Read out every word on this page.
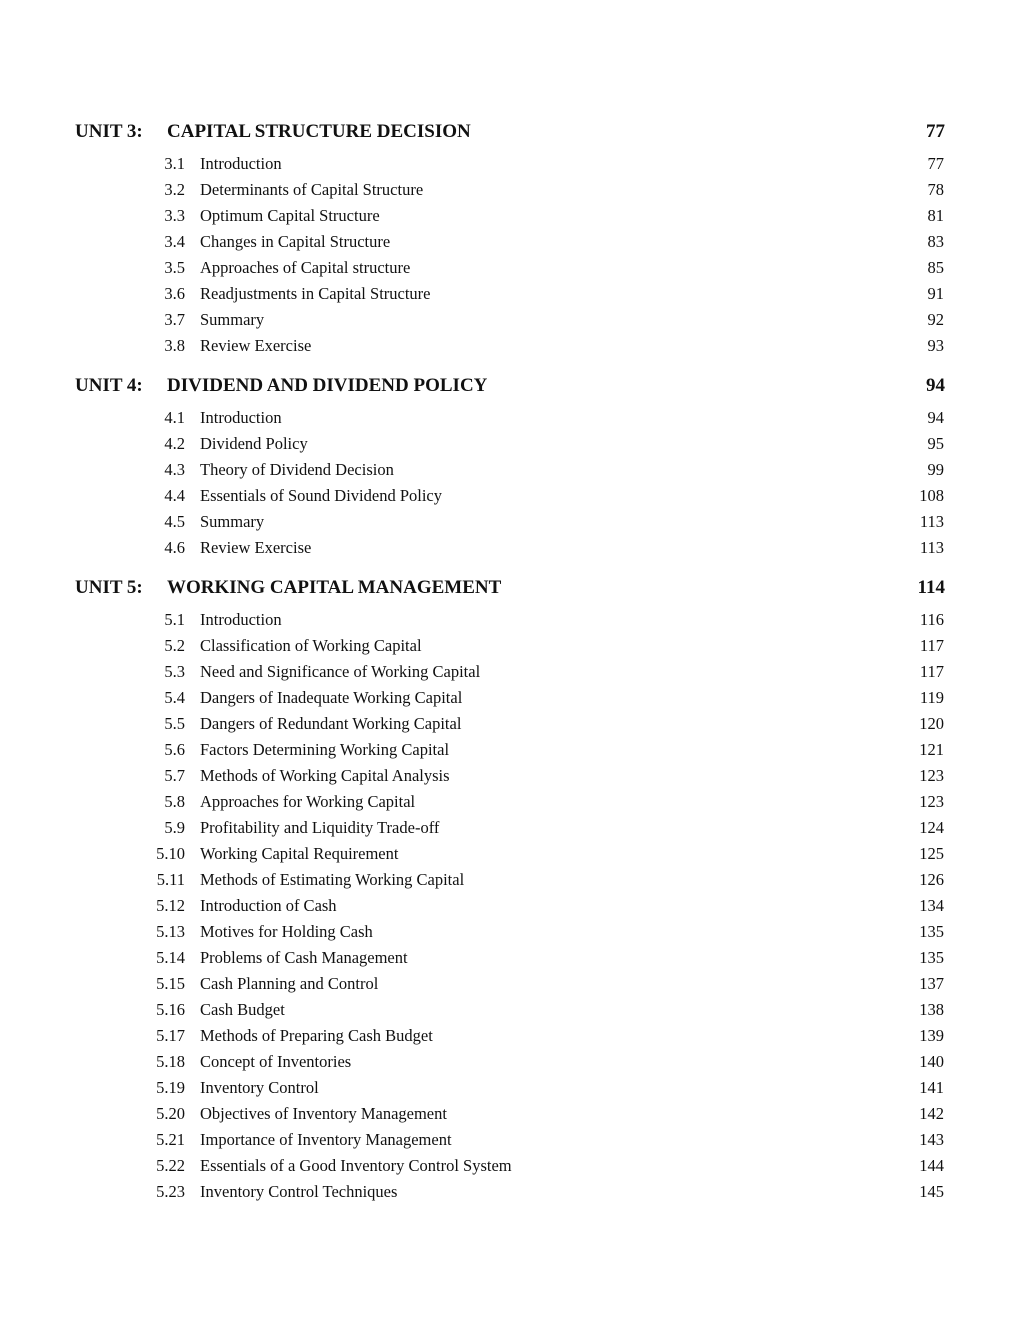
UNIT 3: CAPITAL STRUCTURE DECISION	77
3.1 Introduction	77
3.2 Determinants of Capital Structure	78
3.3 Optimum Capital Structure	81
3.4 Changes in Capital Structure	83
3.5 Approaches of Capital structure	85
3.6 Readjustments in Capital Structure	91
3.7 Summary	92
3.8 Review Exercise	93
UNIT 4: DIVIDEND AND DIVIDEND POLICY	94
4.1 Introduction	94
4.2 Dividend Policy	95
4.3 Theory of Dividend Decision	99
4.4 Essentials of Sound Dividend Policy	108
4.5 Summary	113
4.6 Review Exercise	113
UNIT 5: WORKING CAPITAL MANAGEMENT	114
5.1 Introduction	116
5.2 Classification of Working Capital	117
5.3 Need and Significance of Working Capital	117
5.4 Dangers of Inadequate Working Capital	119
5.5 Dangers of Redundant Working Capital	120
5.6 Factors Determining Working Capital	121
5.7 Methods of Working Capital Analysis	123
5.8 Approaches for Working Capital	123
5.9 Profitability and Liquidity Trade-off	124
5.10 Working Capital Requirement	125
5.11 Methods of Estimating Working Capital	126
5.12 Introduction of Cash	134
5.13 Motives for Holding Cash	135
5.14 Problems of Cash Management	135
5.15 Cash Planning and Control	137
5.16 Cash Budget	138
5.17 Methods of Preparing Cash Budget	139
5.18 Concept of Inventories	140
5.19 Inventory Control	141
5.20 Objectives of Inventory Management	142
5.21 Importance of Inventory Management	143
5.22 Essentials of a Good Inventory Control System	144
5.23 Inventory Control Techniques	145
